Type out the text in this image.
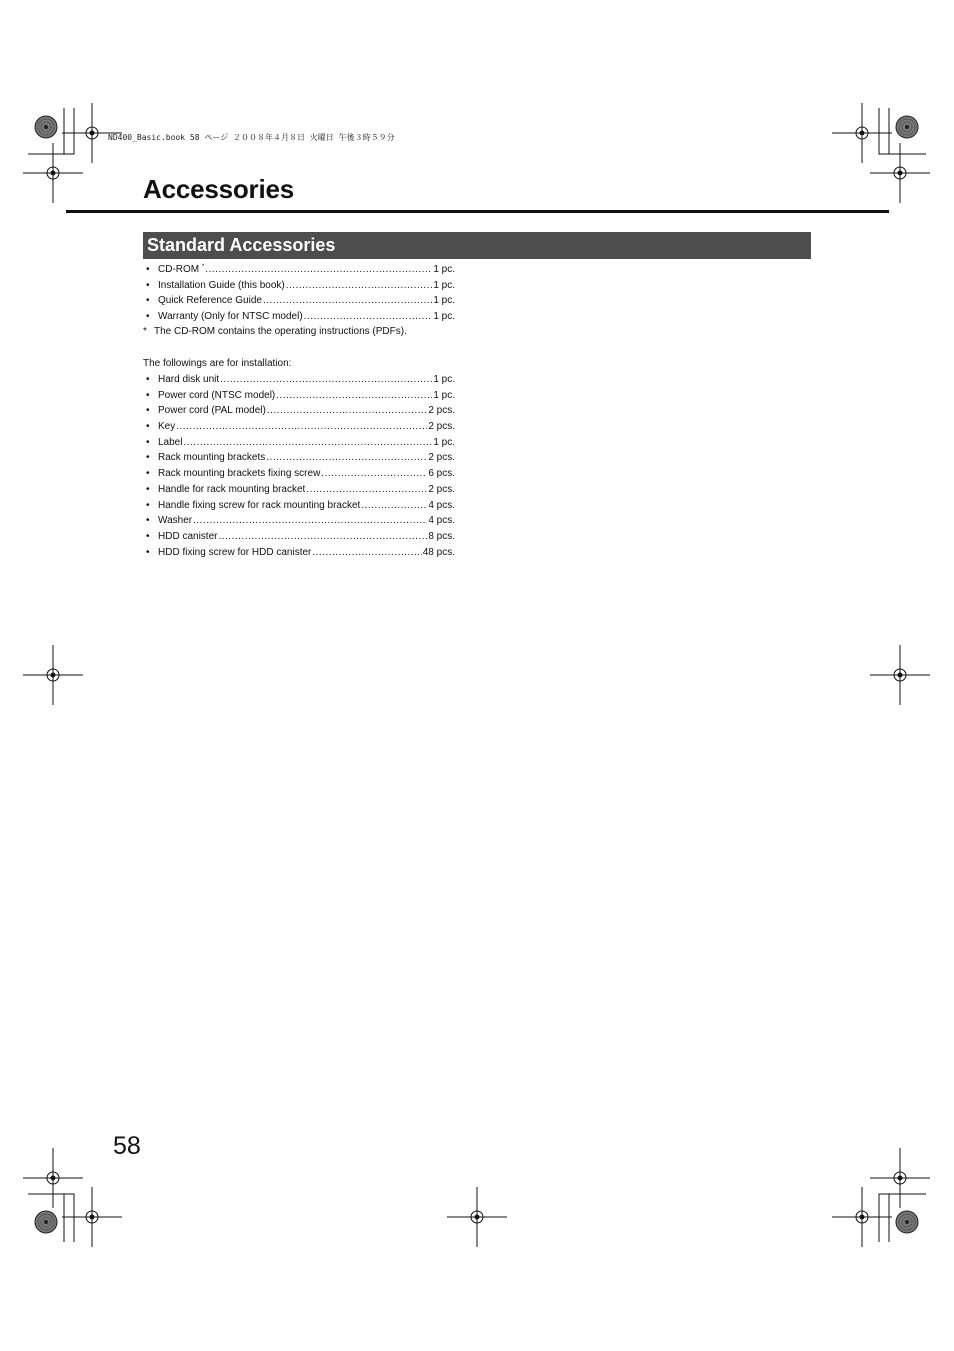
ND400_Basic.book 58 ページ ２００８年４月８日 火曜日 午後３時５９分
Accessories
Standard Accessories
• CD-ROM * .....	1 pc.
• Installation Guide (this book) .....	1 pc.
• Quick Reference Guide .....	1 pc.
• Warranty (Only for NTSC model) .....	1 pc.
* The CD-ROM contains the operating instructions (PDFs).
The followings are for installation:
• Hard disk unit .....	1 pc.
• Power cord (NTSC model) .....	1 pc.
• Power cord (PAL model) .....	2 pcs.
• Key .....	2 pcs.
• Label .....	1 pc.
• Rack mounting brackets .....	2 pcs.
• Rack mounting brackets fixing screw .....	6 pcs.
• Handle for rack mounting bracket .....	2 pcs.
• Handle fixing screw for rack mounting bracket .....	4 pcs.
• Washer .....	4 pcs.
• HDD canister .....	8 pcs.
• HDD fixing screw for HDD canister .....	48 pcs.
58
